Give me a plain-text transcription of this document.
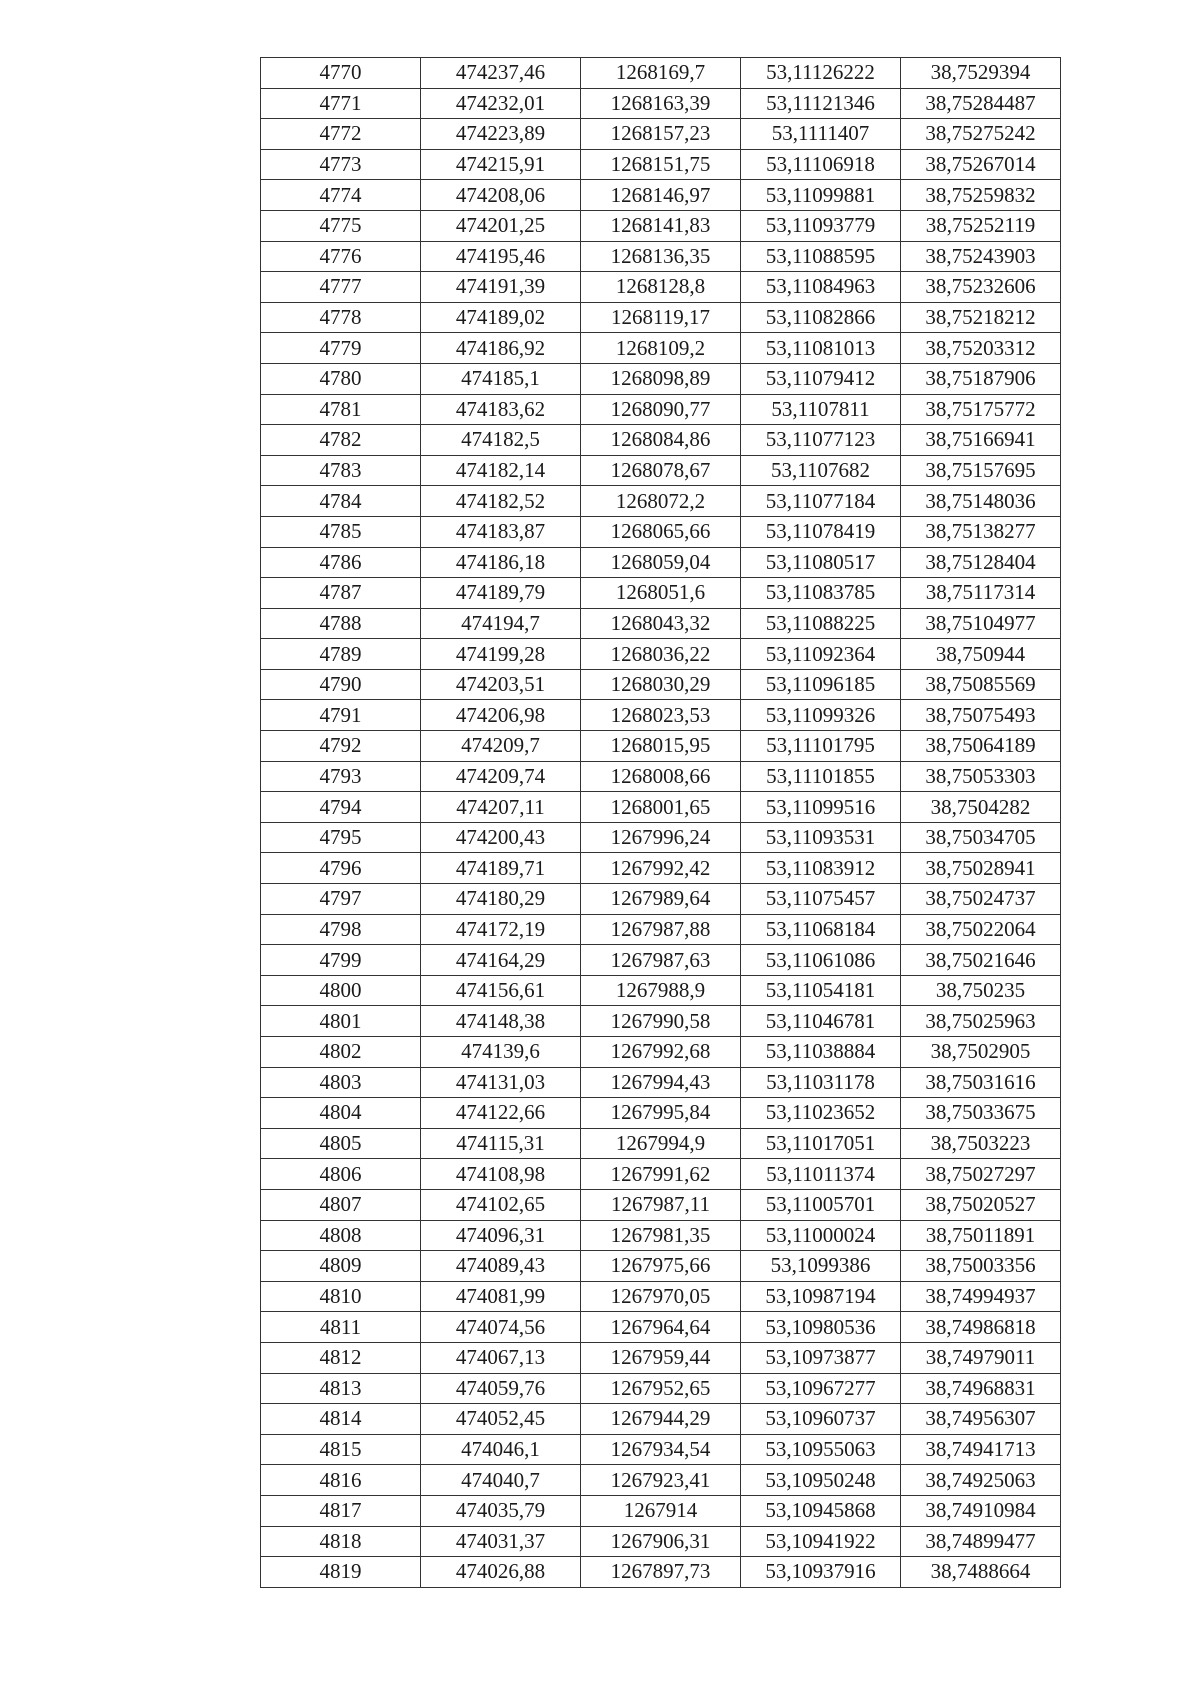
4770	474237,46	1268169,7	53,11126222	38,7529394
4771	474232,01	1268163,39	53,11121346	38,75284487
4772	474223,89	1268157,23	53,1111407	38,75275242
4773	474215,91	1268151,75	53,11106918	38,75267014
4774	474208,06	1268146,97	53,11099881	38,75259832
4775	474201,25	1268141,83	53,11093779	38,75252119
4776	474195,46	1268136,35	53,11088595	38,75243903
4777	474191,39	1268128,8	53,11084963	38,75232606
4778	474189,02	1268119,17	53,11082866	38,75218212
4779	474186,92	1268109,2	53,11081013	38,75203312
4780	474185,1	1268098,89	53,11079412	38,75187906
4781	474183,62	1268090,77	53,1107811	38,75175772
4782	474182,5	1268084,86	53,11077123	38,75166941
4783	474182,14	1268078,67	53,1107682	38,75157695
4784	474182,52	1268072,2	53,11077184	38,75148036
4785	474183,87	1268065,66	53,11078419	38,75138277
4786	474186,18	1268059,04	53,11080517	38,75128404
4787	474189,79	1268051,6	53,11083785	38,75117314
4788	474194,7	1268043,32	53,11088225	38,75104977
4789	474199,28	1268036,22	53,11092364	38,750944
4790	474203,51	1268030,29	53,11096185	38,75085569
4791	474206,98	1268023,53	53,11099326	38,75075493
4792	474209,7	1268015,95	53,11101795	38,75064189
4793	474209,74	1268008,66	53,11101855	38,75053303
4794	474207,11	1268001,65	53,11099516	38,7504282
4795	474200,43	1267996,24	53,11093531	38,75034705
4796	474189,71	1267992,42	53,11083912	38,75028941
4797	474180,29	1267989,64	53,11075457	38,75024737
4798	474172,19	1267987,88	53,11068184	38,75022064
4799	474164,29	1267987,63	53,11061086	38,75021646
4800	474156,61	1267988,9	53,11054181	38,750235
4801	474148,38	1267990,58	53,11046781	38,75025963
4802	474139,6	1267992,68	53,11038884	38,7502905
4803	474131,03	1267994,43	53,11031178	38,75031616
4804	474122,66	1267995,84	53,11023652	38,75033675
4805	474115,31	1267994,9	53,11017051	38,7503223
4806	474108,98	1267991,62	53,11011374	38,75027297
4807	474102,65	1267987,11	53,11005701	38,75020527
4808	474096,31	1267981,35	53,11000024	38,75011891
4809	474089,43	1267975,66	53,1099386	38,75003356
4810	474081,99	1267970,05	53,10987194	38,74994937
4811	474074,56	1267964,64	53,10980536	38,74986818
4812	474067,13	1267959,44	53,10973877	38,74979011
4813	474059,76	1267952,65	53,10967277	38,74968831
4814	474052,45	1267944,29	53,10960737	38,74956307
4815	474046,1	1267934,54	53,10955063	38,74941713
4816	474040,7	1267923,41	53,10950248	38,74925063
4817	474035,79	1267914	53,10945868	38,74910984
4818	474031,37	1267906,31	53,10941922	38,74899477
4819	474026,88	1267897,73	53,10937916	38,7488664
